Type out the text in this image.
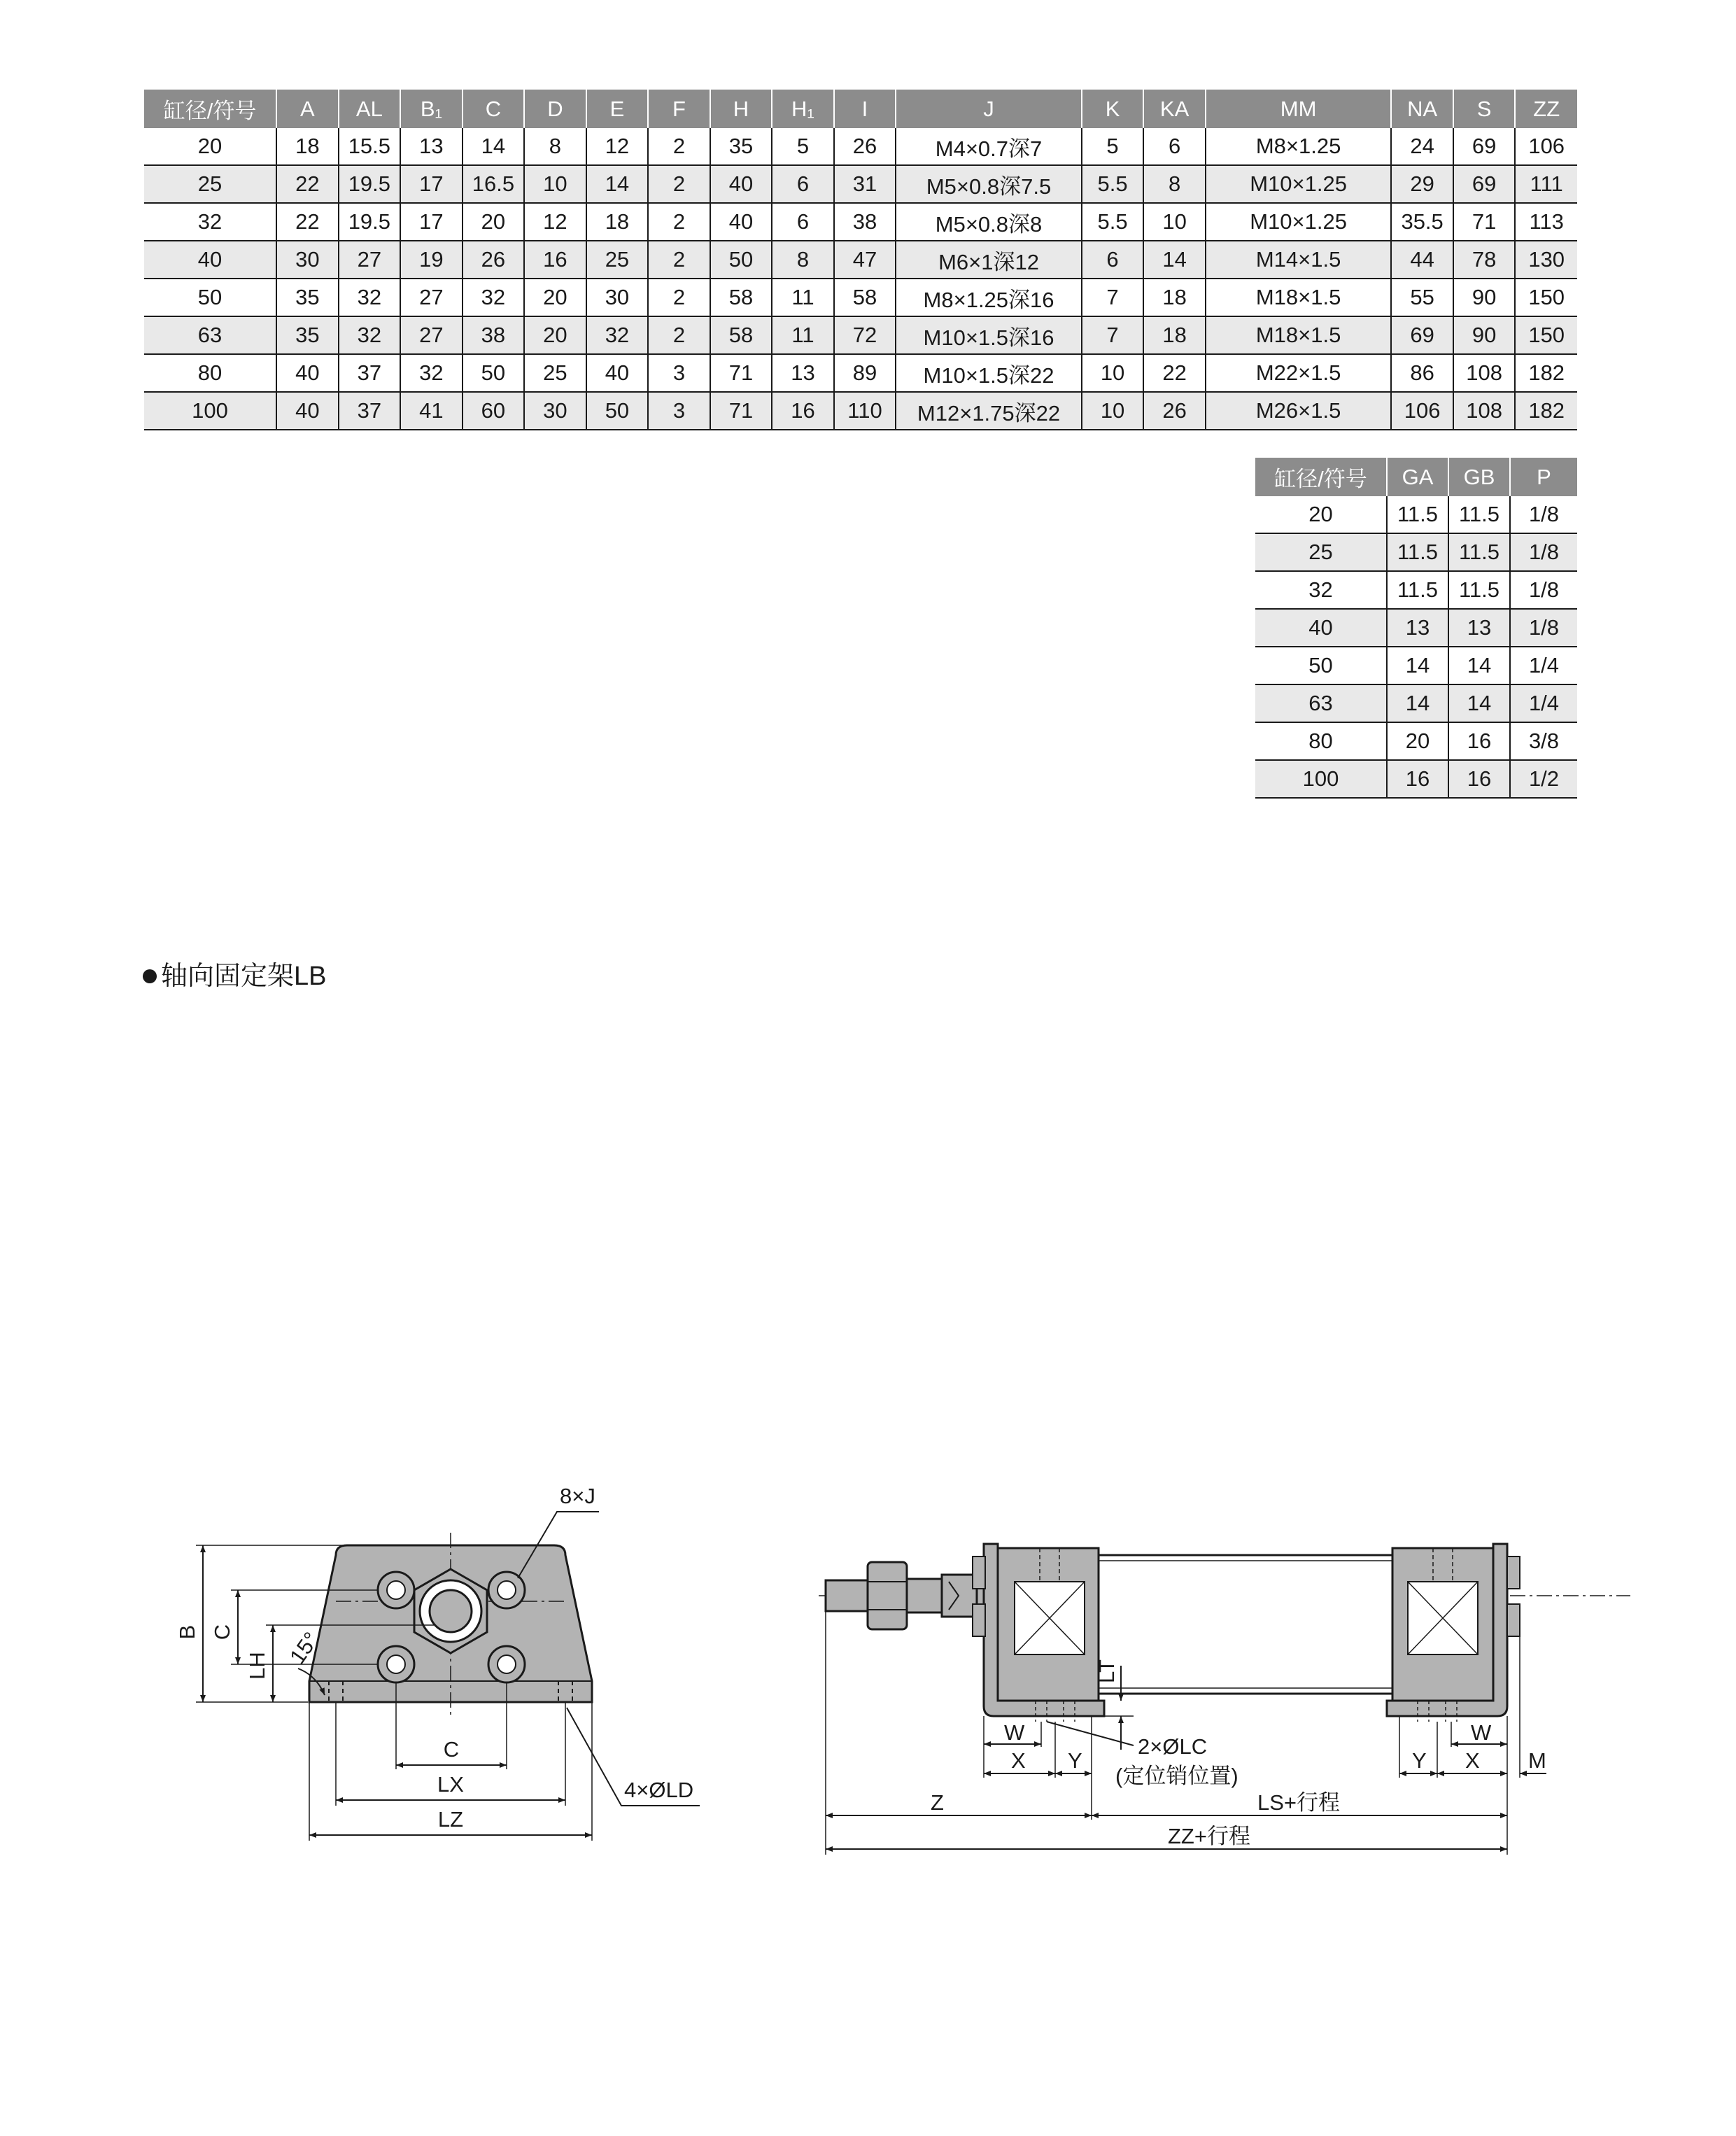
缸径/符号	A	AL	B₁	C	D	E	F	H	H₁	I	J	K	KA	MM	NA	S	ZZ
20	18	15.5	13	14	8	12	2	35	5	26	M4×0.7深7	5	6	M8×1.25	24	69	106
25	22	19.5	17	16.5	10	14	2	40	6	31	M5×0.8深7.5	5.5	8	M10×1.25	29	69	111
32	22	19.5	17	20	12	18	2	40	6	38	M5×0.8深8	5.5	10	M10×1.25	35.5	71	113
40	30	27	19	26	16	25	2	50	8	47	M6×1深12	6	14	M14×1.5	44	78	130
50	35	32	27	32	20	30	2	58	11	58	M8×1.25深16	7	18	M18×1.5	55	90	150
63	35	32	27	38	20	32	2	58	11	72	M10×1.5深16	7	18	M18×1.5	69	90	150
80	40	37	32	50	25	40	3	71	13	89	M10×1.5深22	10	22	M22×1.5	86	108	182
100	40	37	41	60	30	50	3	71	16	110	M12×1.75深22	10	26	M26×1.5	106	108	182
缸径/符号	GA	GB	P
20	11.5	11.5	1/8
25	11.5	11.5	1/8
32	11.5	11.5	1/8
40	13	13	1/8
50	14	14	1/4
63	14	14	1/4
80	20	16	3/8
100	16	16	1/2
轴向固定架LB
8×J
B C
LH 15°
C
LX
LZ
4×ØLD
LT
W
X Y
2×ØLC
(定位销位置)
Y X
W
M
Z	LS+行程
ZZ+行程
